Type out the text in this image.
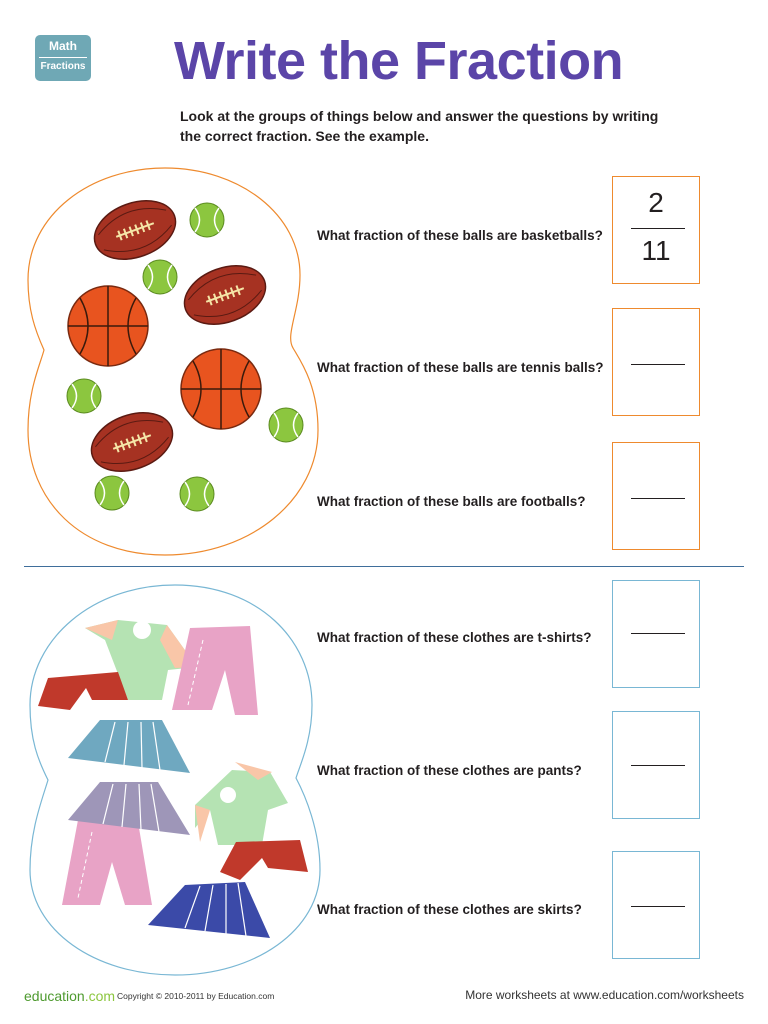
Math
Fractions Write the Fraction
Look at the groups of things below and answer the questions by writing the correct fraction. See the example.
What fraction of these balls are basketballs?
What fraction of these balls are tennis balls?
What fraction of these balls are footballs?
2
11
What fraction of these clothes are t-shirts?
What fraction of these clothes are pants?
What fraction of these clothes are skirts?
education.com Copyright © 2010-2011 by Education.com	More worksheets at www.education.com/worksheets
